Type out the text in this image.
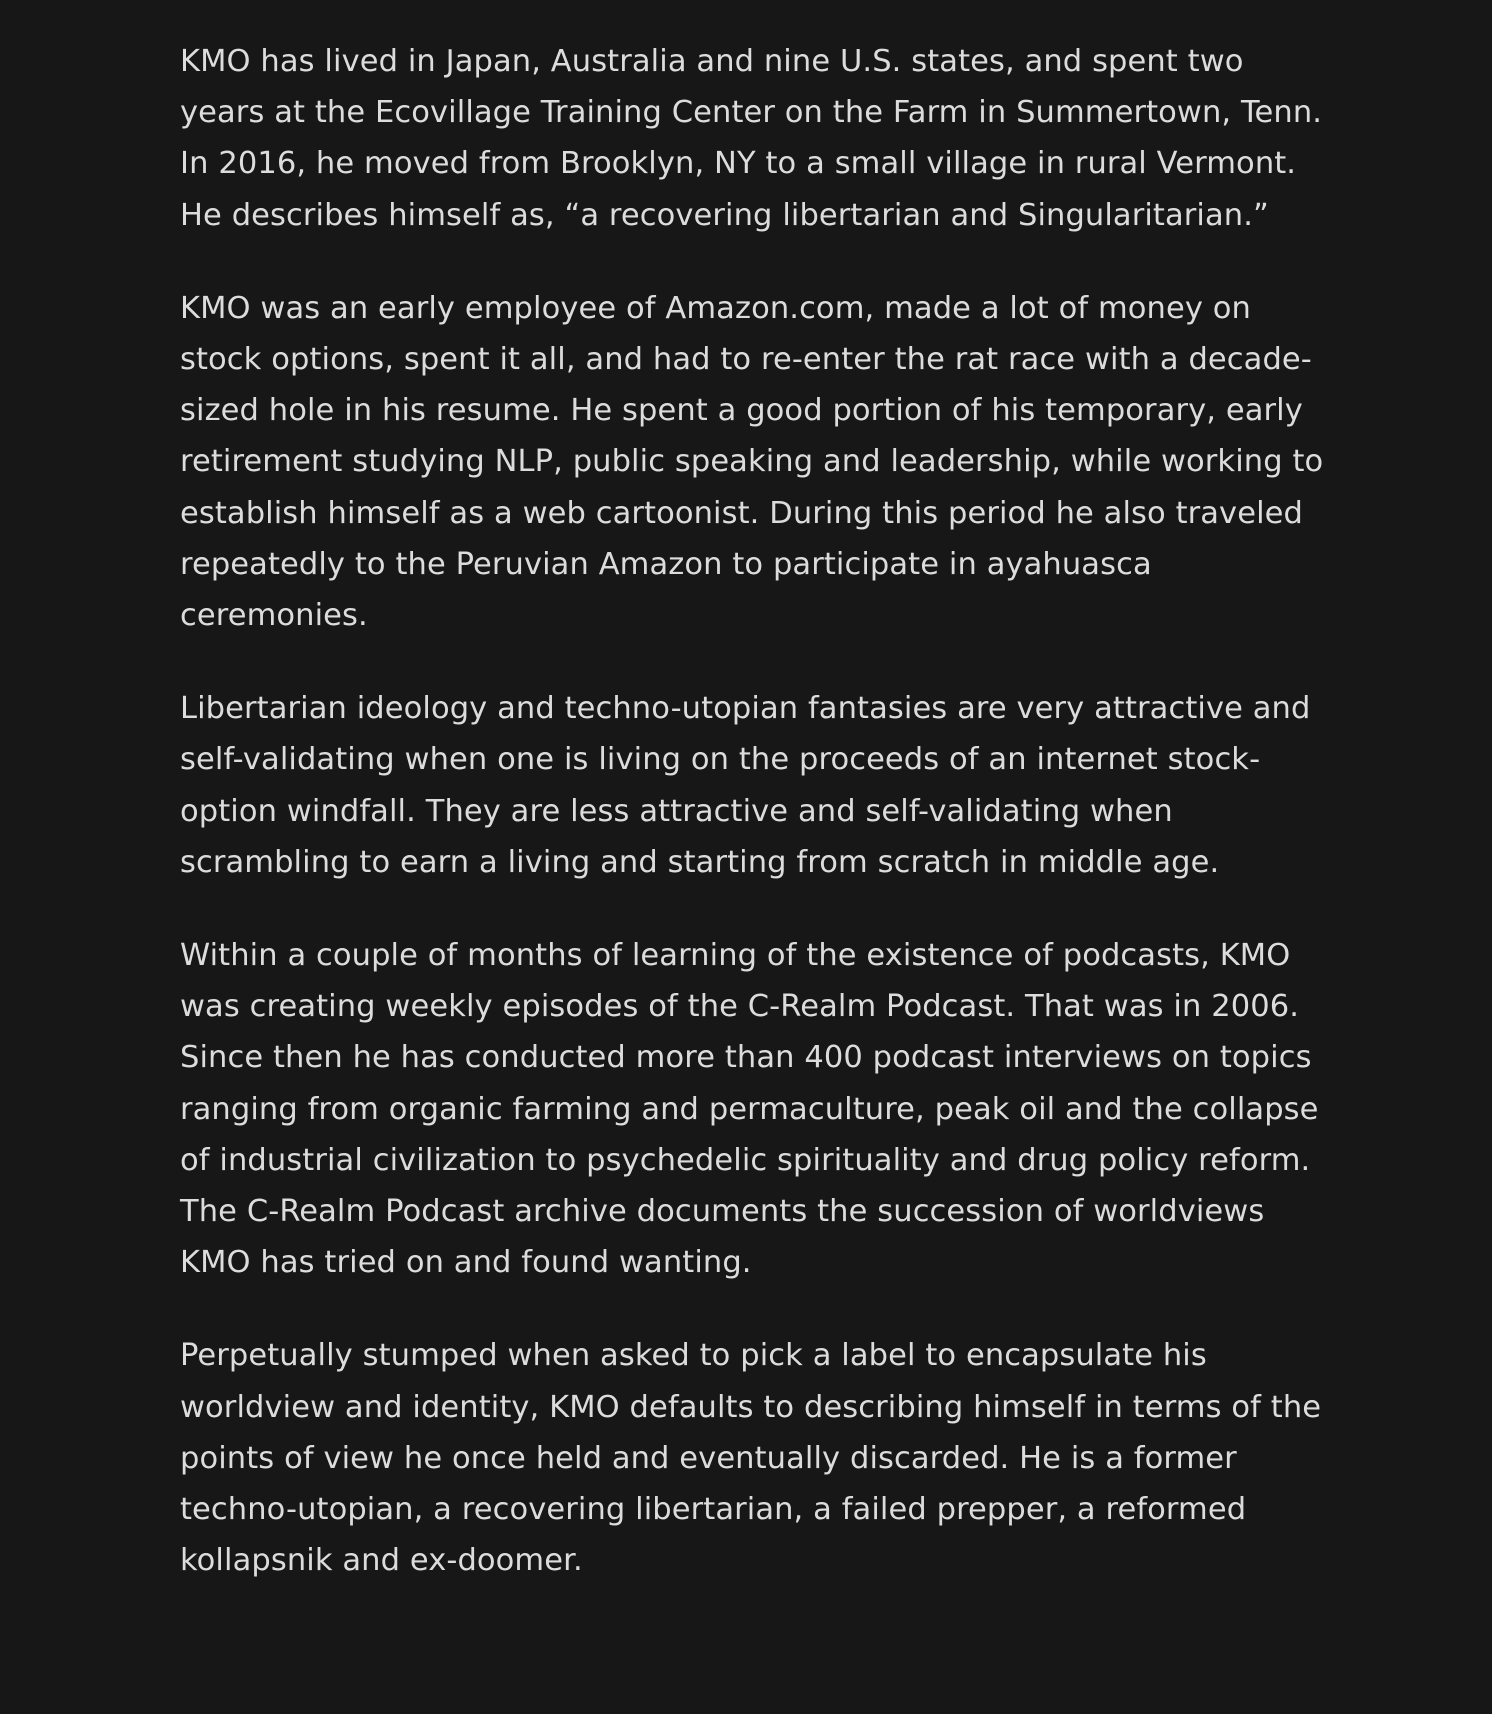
KMO has lived in Japan, Australia and nine U.S. states, and spent two years at the Ecovillage Training Center on the Farm in Summertown, Tenn. In 2016, he moved from Brooklyn, NY to a small village in rural Vermont. He describes himself as, “a recovering libertarian and Singularitarian.”

KMO was an early employee of Amazon.com, made a lot of money on stock options, spent it all, and had to re-enter the rat race with a decade-sized hole in his resume. He spent a good portion of his temporary, early retirement studying NLP, public speaking and leadership, while working to establish himself as a web cartoonist. During this period he also traveled repeatedly to the Peruvian Amazon to participate in ayahuasca ceremonies.

Libertarian ideology and techno-utopian fantasies are very attractive and self-validating when one is living on the proceeds of an internet stock-option windfall. They are less attractive and self-validating when scrambling to earn a living and starting from scratch in middle age.

Within a couple of months of learning of the existence of podcasts, KMO was creating weekly episodes of the C-Realm Podcast. That was in 2006. Since then he has conducted more than 400 podcast interviews on topics ranging from organic farming and permaculture, peak oil and the collapse of industrial civilization to psychedelic spirituality and drug policy reform. The C-Realm Podcast archive documents the succession of worldviews KMO has tried on and found wanting.

Perpetually stumped when asked to pick a label to encapsulate his worldview and identity, KMO defaults to describing himself in terms of the points of view he once held and eventually discarded. He is a former techno-utopian, a recovering libertarian, a failed prepper, a reformed kollapsnik and ex-doomer.
